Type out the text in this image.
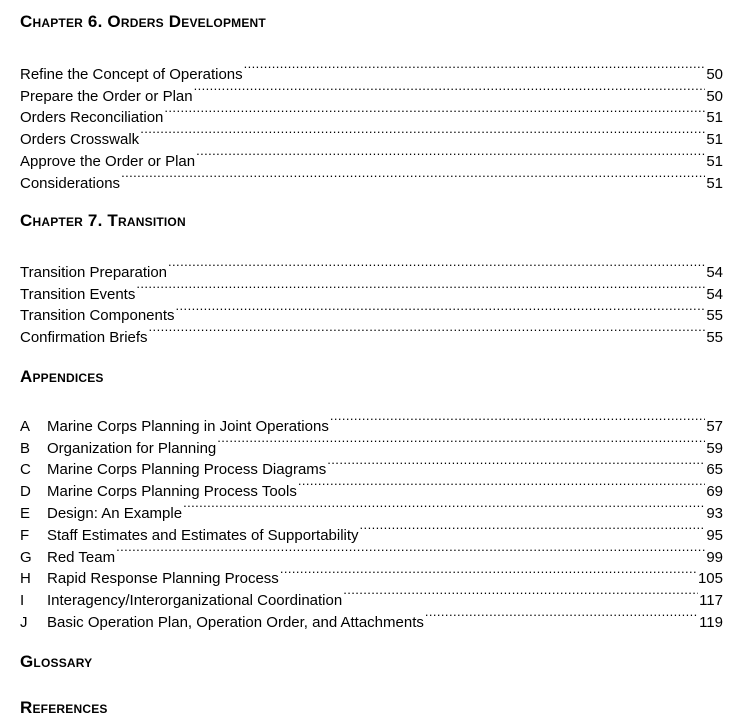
Chapter 6. Orders Development
Refine the Concept of Operations .....	50
Prepare the Order or Plan .....	50
Orders Reconciliation .....	51
Orders Crosswalk .....	51
Approve the Order or Plan .....	51
Considerations .....	51
Chapter 7. Transition
Transition Preparation .....	54
Transition Events .....	54
Transition Components .....	55
Confirmation Briefs .....	55
Appendices
A	Marine Corps Planning in Joint Operations .....	57
B	Organization for Planning .....	59
C	Marine Corps Planning Process Diagrams .....	65
D	Marine Corps Planning Process Tools .....	69
E	Design: An Example .....	93
F	Staff Estimates and Estimates of Supportability .....	95
G	Red Team .....	99
H	Rapid Response Planning Process .....	105
I	Interagency/Interorganizational Coordination .....	117
J	Basic Operation Plan, Operation Order, and Attachments .....	119
Glossary
References
